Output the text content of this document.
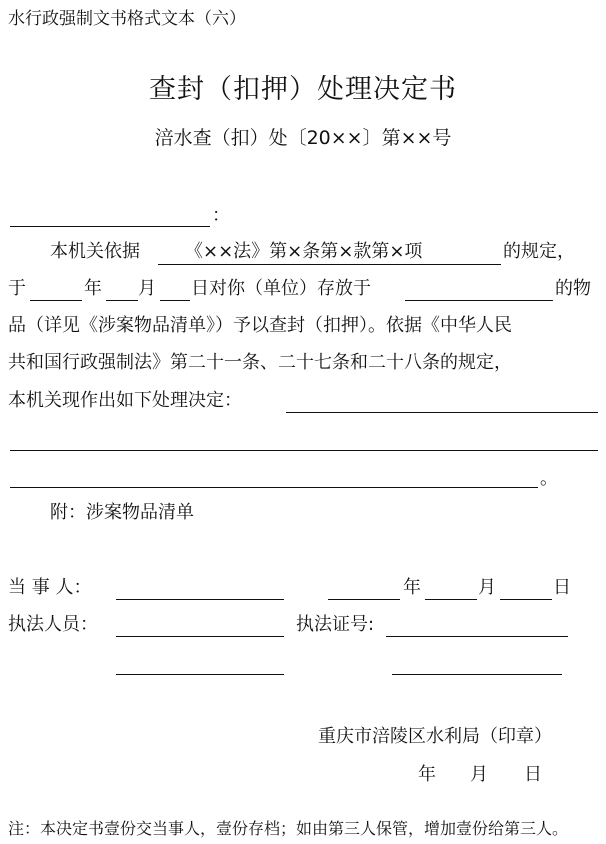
水行政强制文书格式文本（六）
查封（扣押）处理决定书
涪水查（扣）处〔20××〕第××号
：
本机关依据	《××法》第×条第×款第×项	的规定，
于	年 月 日对你（单位）存放于	的物
品（详见《涉案物品清单》）予以查封（扣押）。依据《中华人民
共和国行政强制法》第二十一条、二十七条和二十八条的规定，
本机关现作出如下处理决定：
。
附：涉案物品清单
当 事 人：	年	月	日
执法人员：	执法证号:
重庆市涪陵区水利局（印章）
年 月 日
注：本决定书壹份交当事人，壹份存档；如由第三人保管，增加壹份给第三人。
